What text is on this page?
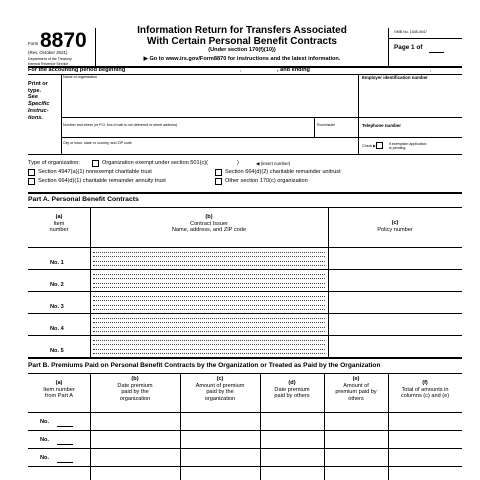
Form 8870
(Rev. October 2021)
Department of the Treasury
Internal Revenue Service
Information Return for Transfers Associated
With Certain Personal Benefit Contracts
(Under section 170(f)(10))
▶ Go to www.irs.gov/Form8870 for instructions and the latest information.
OMB No. 1545-0047
Page 1 of
For the accounting period beginning	,	, and ending	,
Print or
type.
See
Specific
Instruc-
tions.
Name of organization	Employer identification number
Number and street (or P.O. box if mail is not delivered to street address)	Room/suite	Telephone number
City or town, state or country, and ZIP code
Check ▶	if exemption application
is pending
Type of organization:	Organization exempt under section 501(c)(	)	◀ (insert number)
Section 4947(a)(1) nonexempt charitable trust	Section 664(d)(2) charitable remainder unitrust
Section 664(d)(1) charitable remainder annuity trust	Other section 170(c) organization
Part A. Personal Benefit Contracts
(a)
Item
number
(b)
Contract Issuer
Name, address, and ZIP code
(c)
Policy number
No. 1
No. 2
No. 3
No. 4
No. 5
Part B. Premiums Paid on Personal Benefit Contracts by the Organization or Treated as Paid by the Organization
(a)
Item number
from Part A
(b)
Date premium
paid by the
organization
(c)
Amount of premium
paid by the
organization
(d)
Date premium
paid by others
(e)
Amount of
premium paid by
others
(f)
Total of amounts in
columns (c) and (e)
No.
No.
No.
